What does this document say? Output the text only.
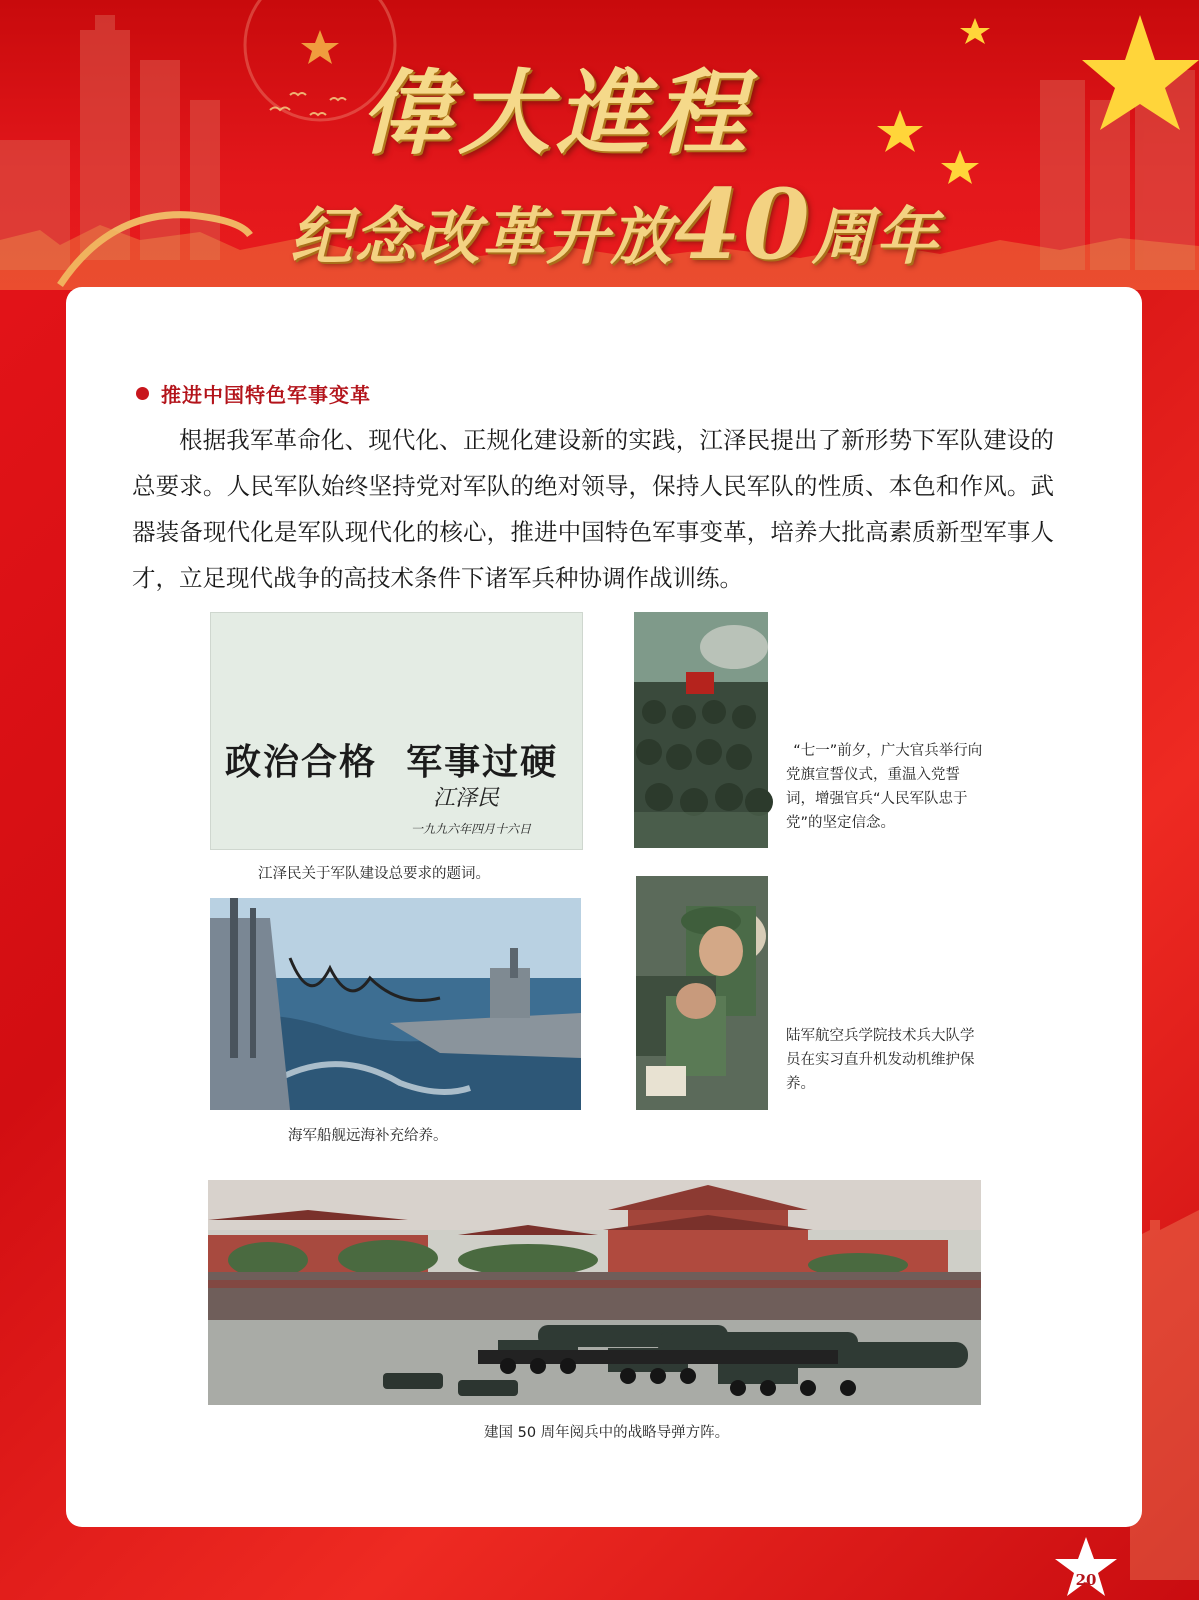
偉大進程
纪念改革开放40周年
推进中国特色军事变革

根据我军革命化、现代化、正规化建设新的实践，江泽民提出了新形势下军队建设的总要求。人民军队始终坚持党对军队的绝对领导，保持人民军队的性质、本色和作风。武器装备现代化是军队现代化的核心，推进中国特色军事变革，培养大批高素质新型军事人才，立足现代战争的高技术条件下诸军兵种协调作战训练。

政治合格  军事过硬

江泽民
一九九六年四月十六日
江泽民关于军队建设总要求的题词。
“七一”前夕，广大官兵举行向党旗宣誓仪式，重温入党誓词，增强官兵“人民军队忠于党”的坚定信念。
海军船舰远海补充给养。
陆军航空兵学院技术兵大队学员在实习直升机发动机维护保养。
建国 50 周年阅兵中的战略导弹方阵。
20
